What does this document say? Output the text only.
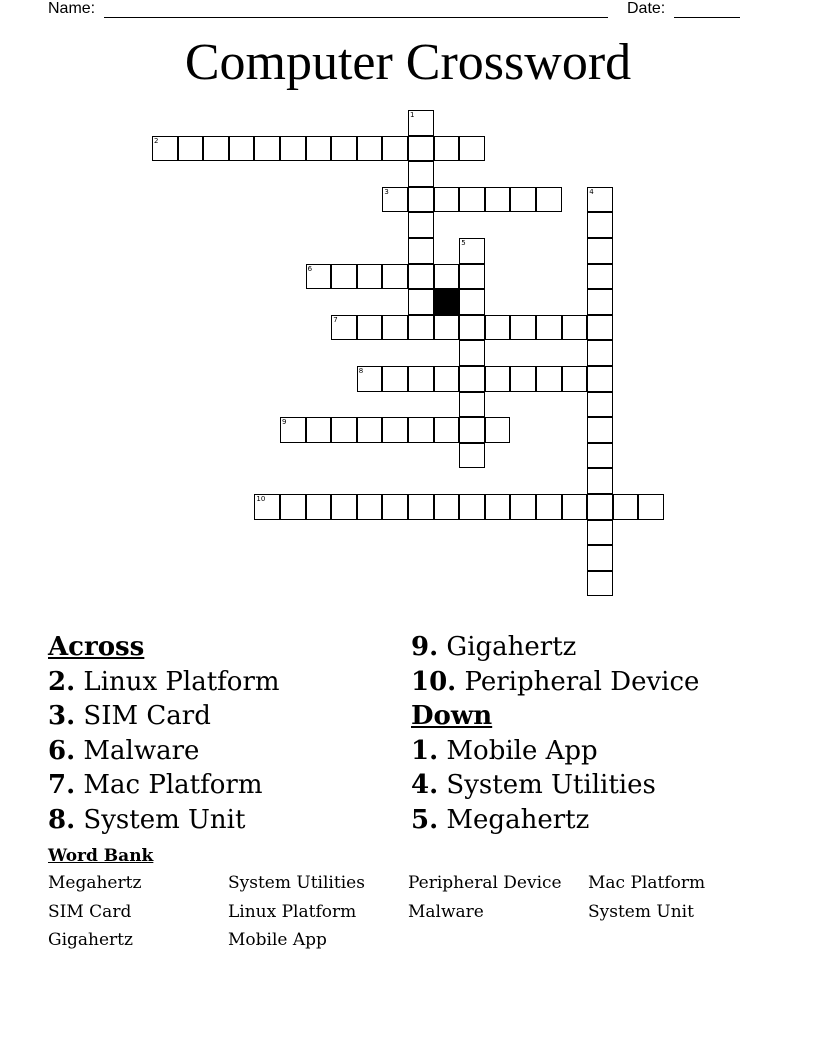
Name:	Date:
Computer Crossword
2
3
6
7
8
9
10
1
4
5
Across
2. Linux Platform
3. SIM Card
6. Malware
7. Mac Platform
8. System Unit
9. Gigahertz
10. Peripheral Device
Down
1. Mobile App
4. System Utilities
5. Megahertz
Word Bank
Megahertz	System Utilities	Peripheral Device	Mac Platform
SIM Card	Linux Platform	Malware	System Unit
Gigahertz	Mobile App
